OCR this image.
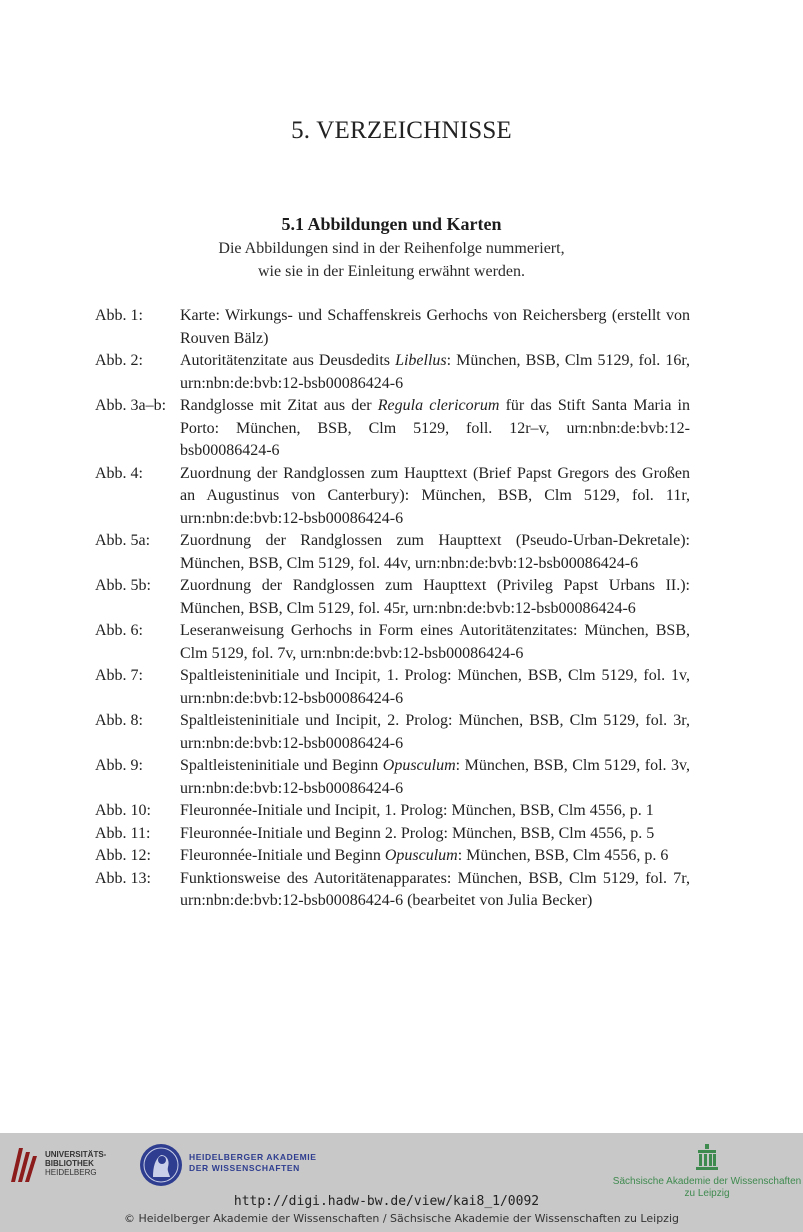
5. VERZEICHNISSE
5.1 Abbildungen und Karten
Die Abbildungen sind in der Reihenfolge nummeriert,
wie sie in der Einleitung erwähnt werden.
Abb. 1:	Karte: Wirkungs- und Schaffenskreis Gerhochs von Reichersberg (erstellt von Rouven Bälz)
Abb. 2:	Autoritätenzitate aus Deusdedits Libellus: München, BSB, Clm 5129, fol. 16r, urn:nbn:de:bvb:12-bsb00086424-6
Abb. 3a–b: Randglosse mit Zitat aus der Regula clericorum für das Stift Santa Maria in Porto: München, BSB, Clm 5129, foll. 12r–v, urn:nbn:de:bvb:12-bsb00086424-6
Abb. 4:	Zuordnung der Randglossen zum Haupttext (Brief Papst Gregors des Großen an Augustinus von Canterbury): München, BSB, Clm 5129, fol. 11r, urn:nbn:de:bvb:12-bsb00086424-6
Abb. 5a:	Zuordnung der Randglossen zum Haupttext (Pseudo-Urban-Dekretale): München, BSB, Clm 5129, fol. 44v, urn:nbn:de:bvb:12-bsb00086424-6
Abb. 5b:	Zuordnung der Randglossen zum Haupttext (Privileg Papst Urbans II.): München, BSB, Clm 5129, fol. 45r, urn:nbn:de:bvb:12-bsb00086424-6
Abb. 6:	Leseranweisung Gerhochs in Form eines Autoritätenzitates: München, BSB, Clm 5129, fol. 7v, urn:nbn:de:bvb:12-bsb00086424-6
Abb. 7:	Spaltleisteninitiale und Incipit, 1. Prolog: München, BSB, Clm 5129, fol. 1v, urn:nbn:de:bvb:12-bsb00086424-6
Abb. 8:	Spaltleisteninitiale und Incipit, 2. Prolog: München, BSB, Clm 5129, fol. 3r, urn:nbn:de:bvb:12-bsb00086424-6
Abb. 9:	Spaltleisteninitiale und Beginn Opusculum: München, BSB, Clm 5129, fol. 3v, urn:nbn:de:bvb:12-bsb00086424-6
Abb. 10:	Fleuronnée-Initiale und Incipit, 1. Prolog: München, BSB, Clm 4556, p. 1
Abb. 11:	Fleuronnée-Initiale und Beginn 2. Prolog: München, BSB, Clm 4556, p. 5
Abb. 12:	Fleuronnée-Initiale und Beginn Opusculum: München, BSB, Clm 4556, p. 6
Abb. 13:	Funktionsweise des Autoritätenapparates: München, BSB, Clm 5129, fol. 7r, urn:nbn:de:bvb:12-bsb00086424-6 (bearbeitet von Julia Becker)
UNIVERSITÄTS-
BIBLIOTHEK
HEIDELBERG
HEIDELBERGER AKADEMIE
DER WISSENSCHAFTEN
Sächsische Akademie der Wissenschaften
zu Leipzig
http://digi.hadw-bw.de/view/kai8_1/0092
© Heidelberger Akademie der Wissenschaften / Sächsische Akademie der Wissenschaften zu Leipzig
